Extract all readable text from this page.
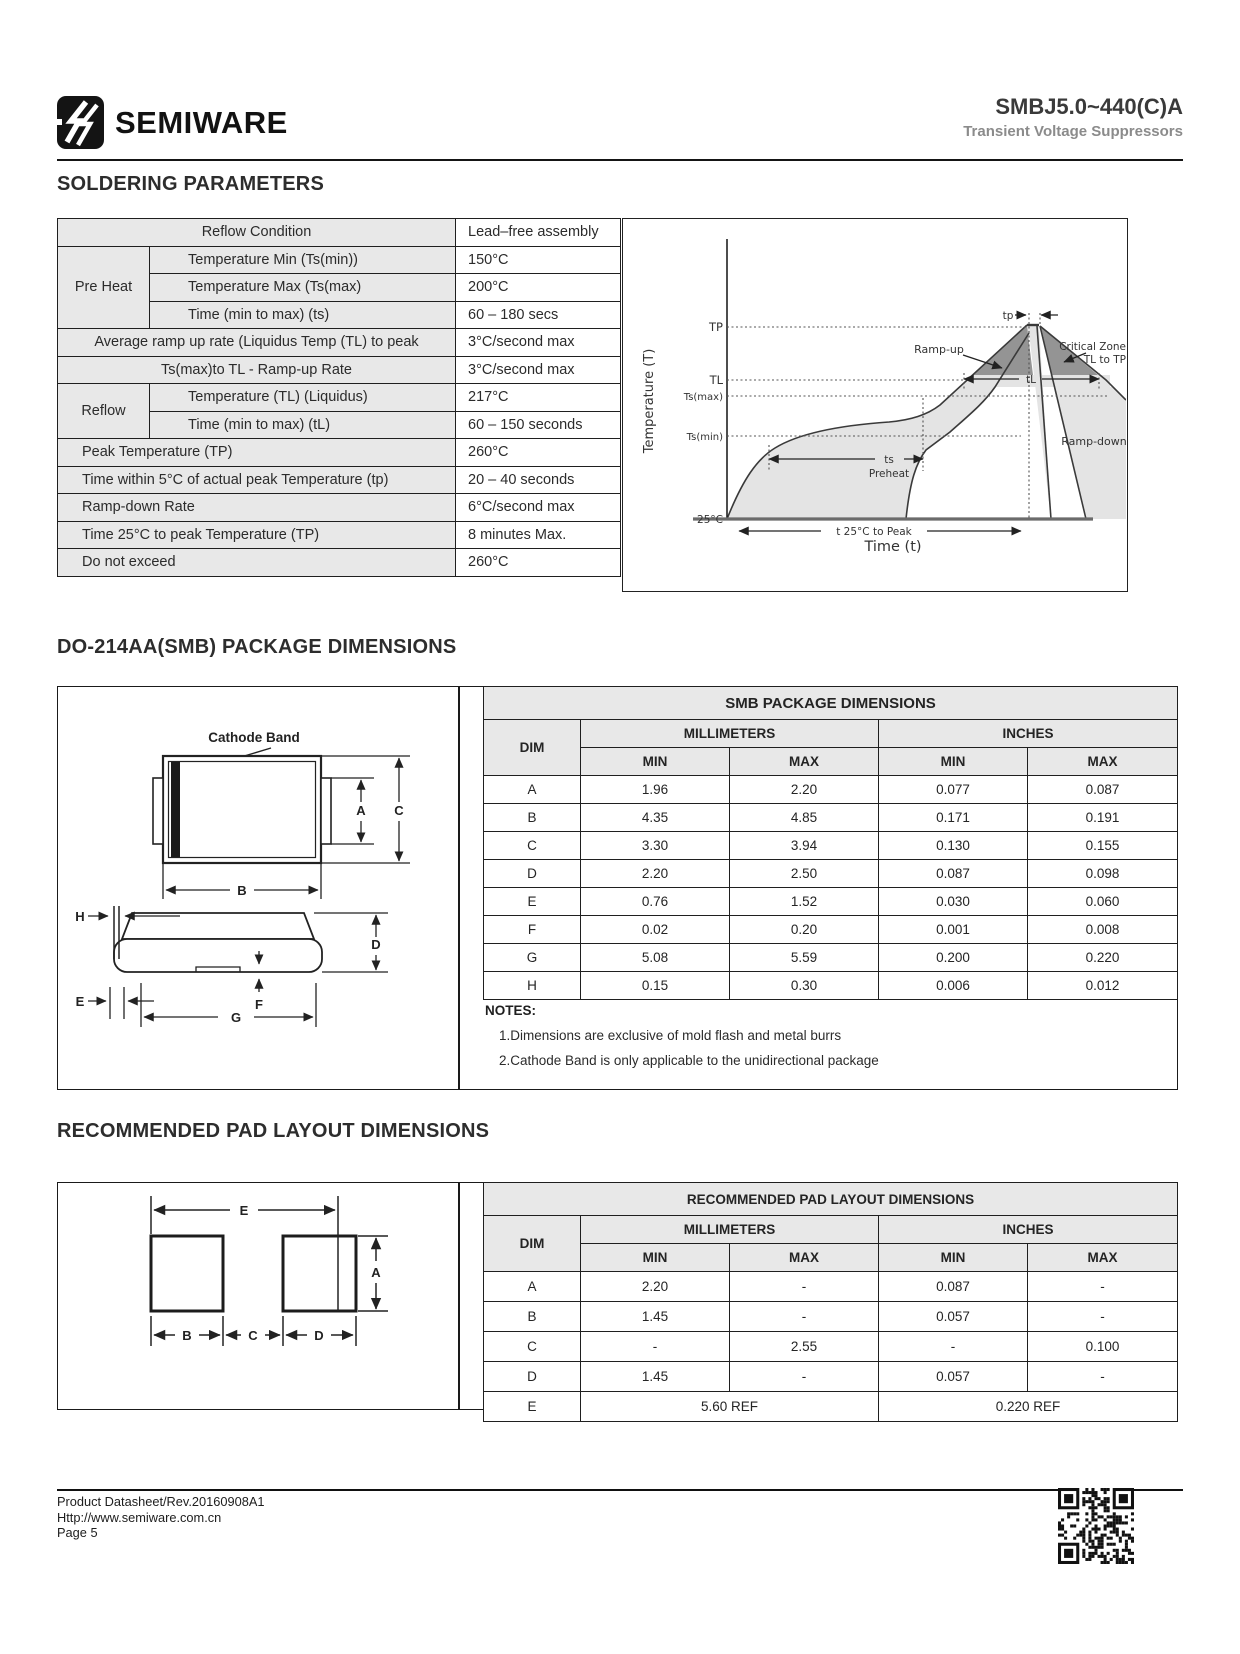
SEMIWARE	SMBJ5.0~440(C)A
Transient Voltage Suppressors
SOLDERING PARAMETERS
Reflow Condition		Lead–free assembly
Pre Heat	Temperature Min (Ts(min))	150°C
	Temperature Max (Ts(max)	200°C
	Time (min to max) (ts)	60 – 180 secs
Average ramp up rate (Liquidus Temp (TL) to peak		3°C/second max
Ts(max)to TL - Ramp-up Rate		3°C/second max
Reflow	Temperature (TL) (Liquidus)	217°C
	Time (min to max) (tL)	60 – 150 seconds
Peak Temperature (TP)		260°C
Time within 5°C of actual peak Temperature (tp)		20 – 40 seconds
Ramp-down Rate		6°C/second max
Time 25°C to peak Temperature (TP)		8 minutes Max.
Do not exceed		260°C
TP
TL
Ts(max)
Ts(min)
25°C
Temperature (T)
Time (t)
ts
Preheat
tL
tp
Ramp-up
Ramp-down
Critical Zone
TL to TP
t 25°C to Peak
DO-214AA(SMB) PACKAGE DIMENSIONS
Cathode Band
A C
B
H
D
E	F
G
SMB PACKAGE DIMENSIONS				
DIM	MILLIMETERS		INCHES	
	MIN	MAX	MIN	MAX
A	1.96	2.20	0.077	0.087
B	4.35	4.85	0.171	0.191
C	3.30	3.94	0.130	0.155
D	2.20	2.50	0.087	0.098
E	0.76	1.52	0.030	0.060
F	0.02	0.20	0.001	0.008
G	5.08	5.59	0.200	0.220
H	0.15	0.30	0.006	0.012
NOTES:
1.Dimensions are exclusive of mold flash and metal burrs
2.Cathode Band is only applicable to the unidirectional package
RECOMMENDED PAD LAYOUT DIMENSIONS
E
A
B	C	D
RECOMMENDED PAD LAYOUT DIMENSIONS				
DIM	MILLIMETERS		INCHES	
	MIN	MAX	MIN	MAX
A	2.20	-	0.087	-
B	1.45	-	0.057	-
C	-	2.55	-	0.100
D	1.45	-	0.057	-
E	5.60 REF		0.220 REF	
Product Datasheet/Rev.20160908A1
Http://www.semiware.com.cn
Page 5
